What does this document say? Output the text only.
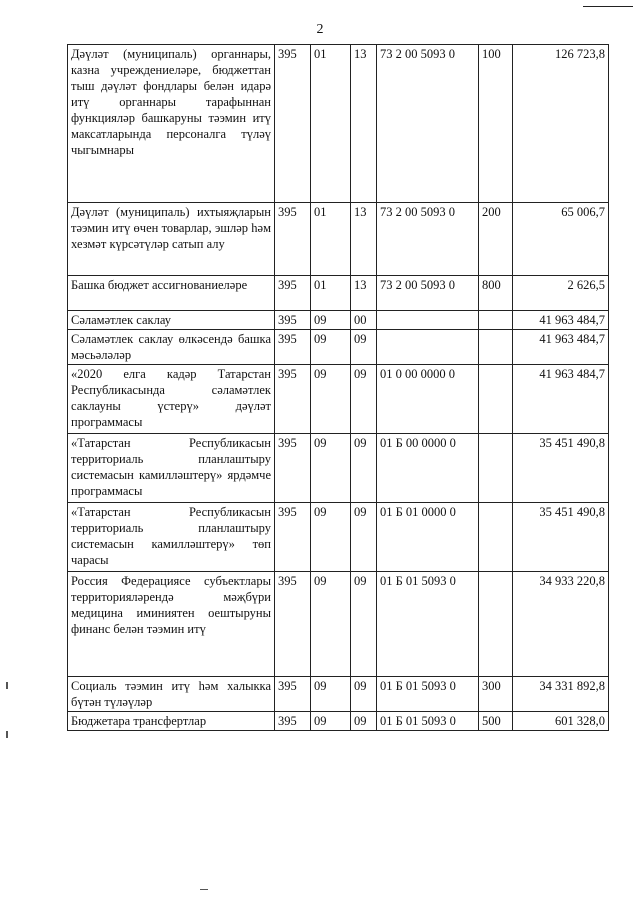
2
Дәүләт (муниципаль) органнары, казна учреждениеләре, бюджеттан тыш дәүләт фондлары белән идарә итү органнары тарафыннан функцияләр башкаруны тәэмин итү максатларында персоналга түләү чыгымнары	395	01	13	73 2 00 5093 0	100	126 723,8
Дәүләт (муниципаль) ихтыяҗларын тәэмин итү өчен товарлар, эшләр һәм хезмәт күрсәтүләр сатып алу	395	01	13	73 2 00 5093 0	200	65 006,7
Башка бюджет ассигнованиеләре	395	01	13	73 2 00 5093 0	800	2 626,5
Сәламәтлек саклау	395	09	00			41 963 484,7
Сәламәтлек саклау өлкәсендә башка мәсьәләләр	395	09	09			41 963 484,7
«2020 елга кадәр Татарстан Республикасында сәламәтлек саклауны үстерү» дәүләт программасы	395	09	09	01 0 00 0000 0		41 963 484,7
«Татарстан Республикасын территориаль планлаштыру системасын камилләштерү» ярдәмче программасы	395	09	09	01 Б 00 0000 0		35 451 490,8
«Татарстан Республикасын территориаль планлаштыру системасын камилләштерү» төп чарасы	395	09	09	01 Б 01 0000 0		35 451 490,8
Россия Федерациясе субъектлары территорияләрендә мәҗбүри медицина иминиятен оештыруны финанс белән тәэмин итү	395	09	09	01 Б 01 5093 0		34 933 220,8
Социаль тәэмин итү һәм халыкка бүтән түләүләр	395	09	09	01 Б 01 5093 0	300	34 331 892,8
Бюджетара трансфертлар	395	09	09	01 Б 01 5093 0	500	601 328,0
